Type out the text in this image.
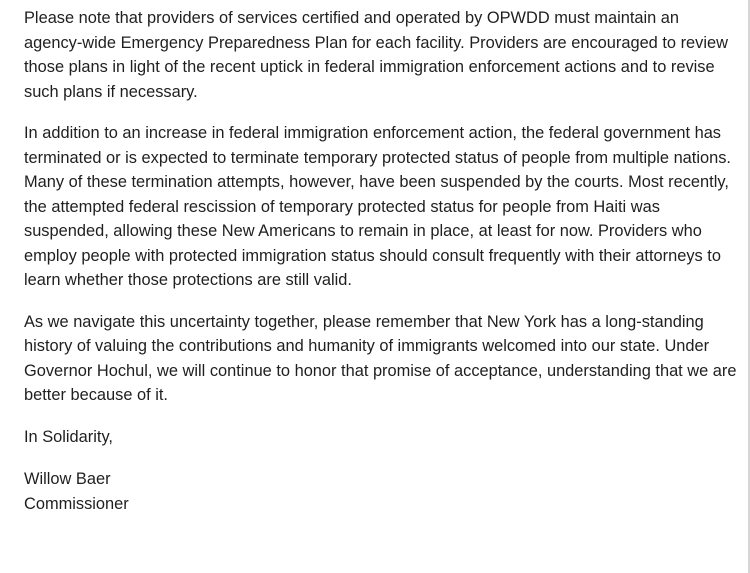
Please note that providers of services certified and operated by OPWDD must maintain an agency-wide Emergency Preparedness Plan for each facility. Providers are encouraged to review those plans in light of the recent uptick in federal immigration enforcement actions and to revise such plans if necessary.

In addition to an increase in federal immigration enforcement action, the federal government has terminated or is expected to terminate temporary protected status of people from multiple nations. Many of these termination attempts, however, have been suspended by the courts. Most recently, the attempted federal rescission of temporary protected status for people from Haiti was suspended, allowing these New Americans to remain in place, at least for now. Providers who employ people with protected immigration status should consult frequently with their attorneys to learn whether those protections are still valid.

As we navigate this uncertainty together, please remember that New York has a long-standing history of valuing the contributions and humanity of immigrants welcomed into our state. Under Governor Hochul, we will continue to honor that promise of acceptance, understanding that we are better because of it.

In Solidarity,

Willow Baer
Commissioner
